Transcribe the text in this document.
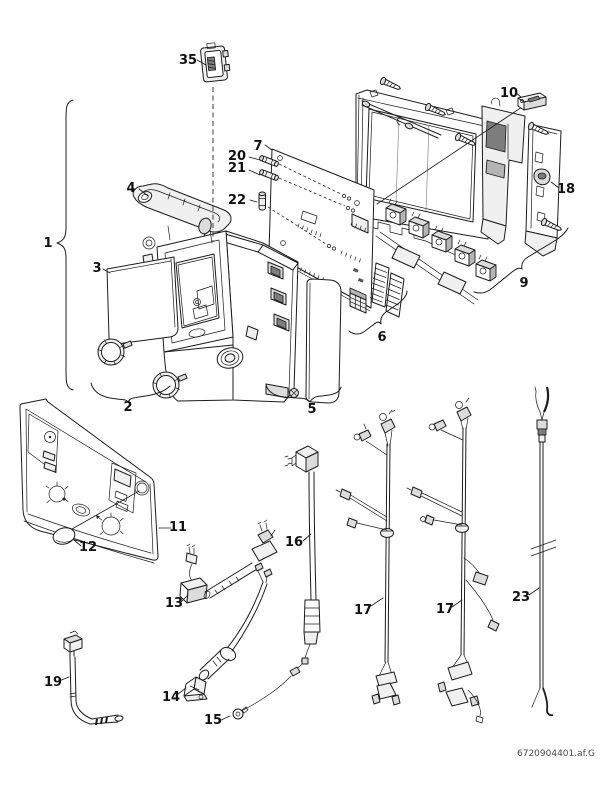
1
2
3
4
5
6
7
9
10
11
12
13
14
15
16
17	17
18
19
20
21
22
23
35
6720904401.af.G
